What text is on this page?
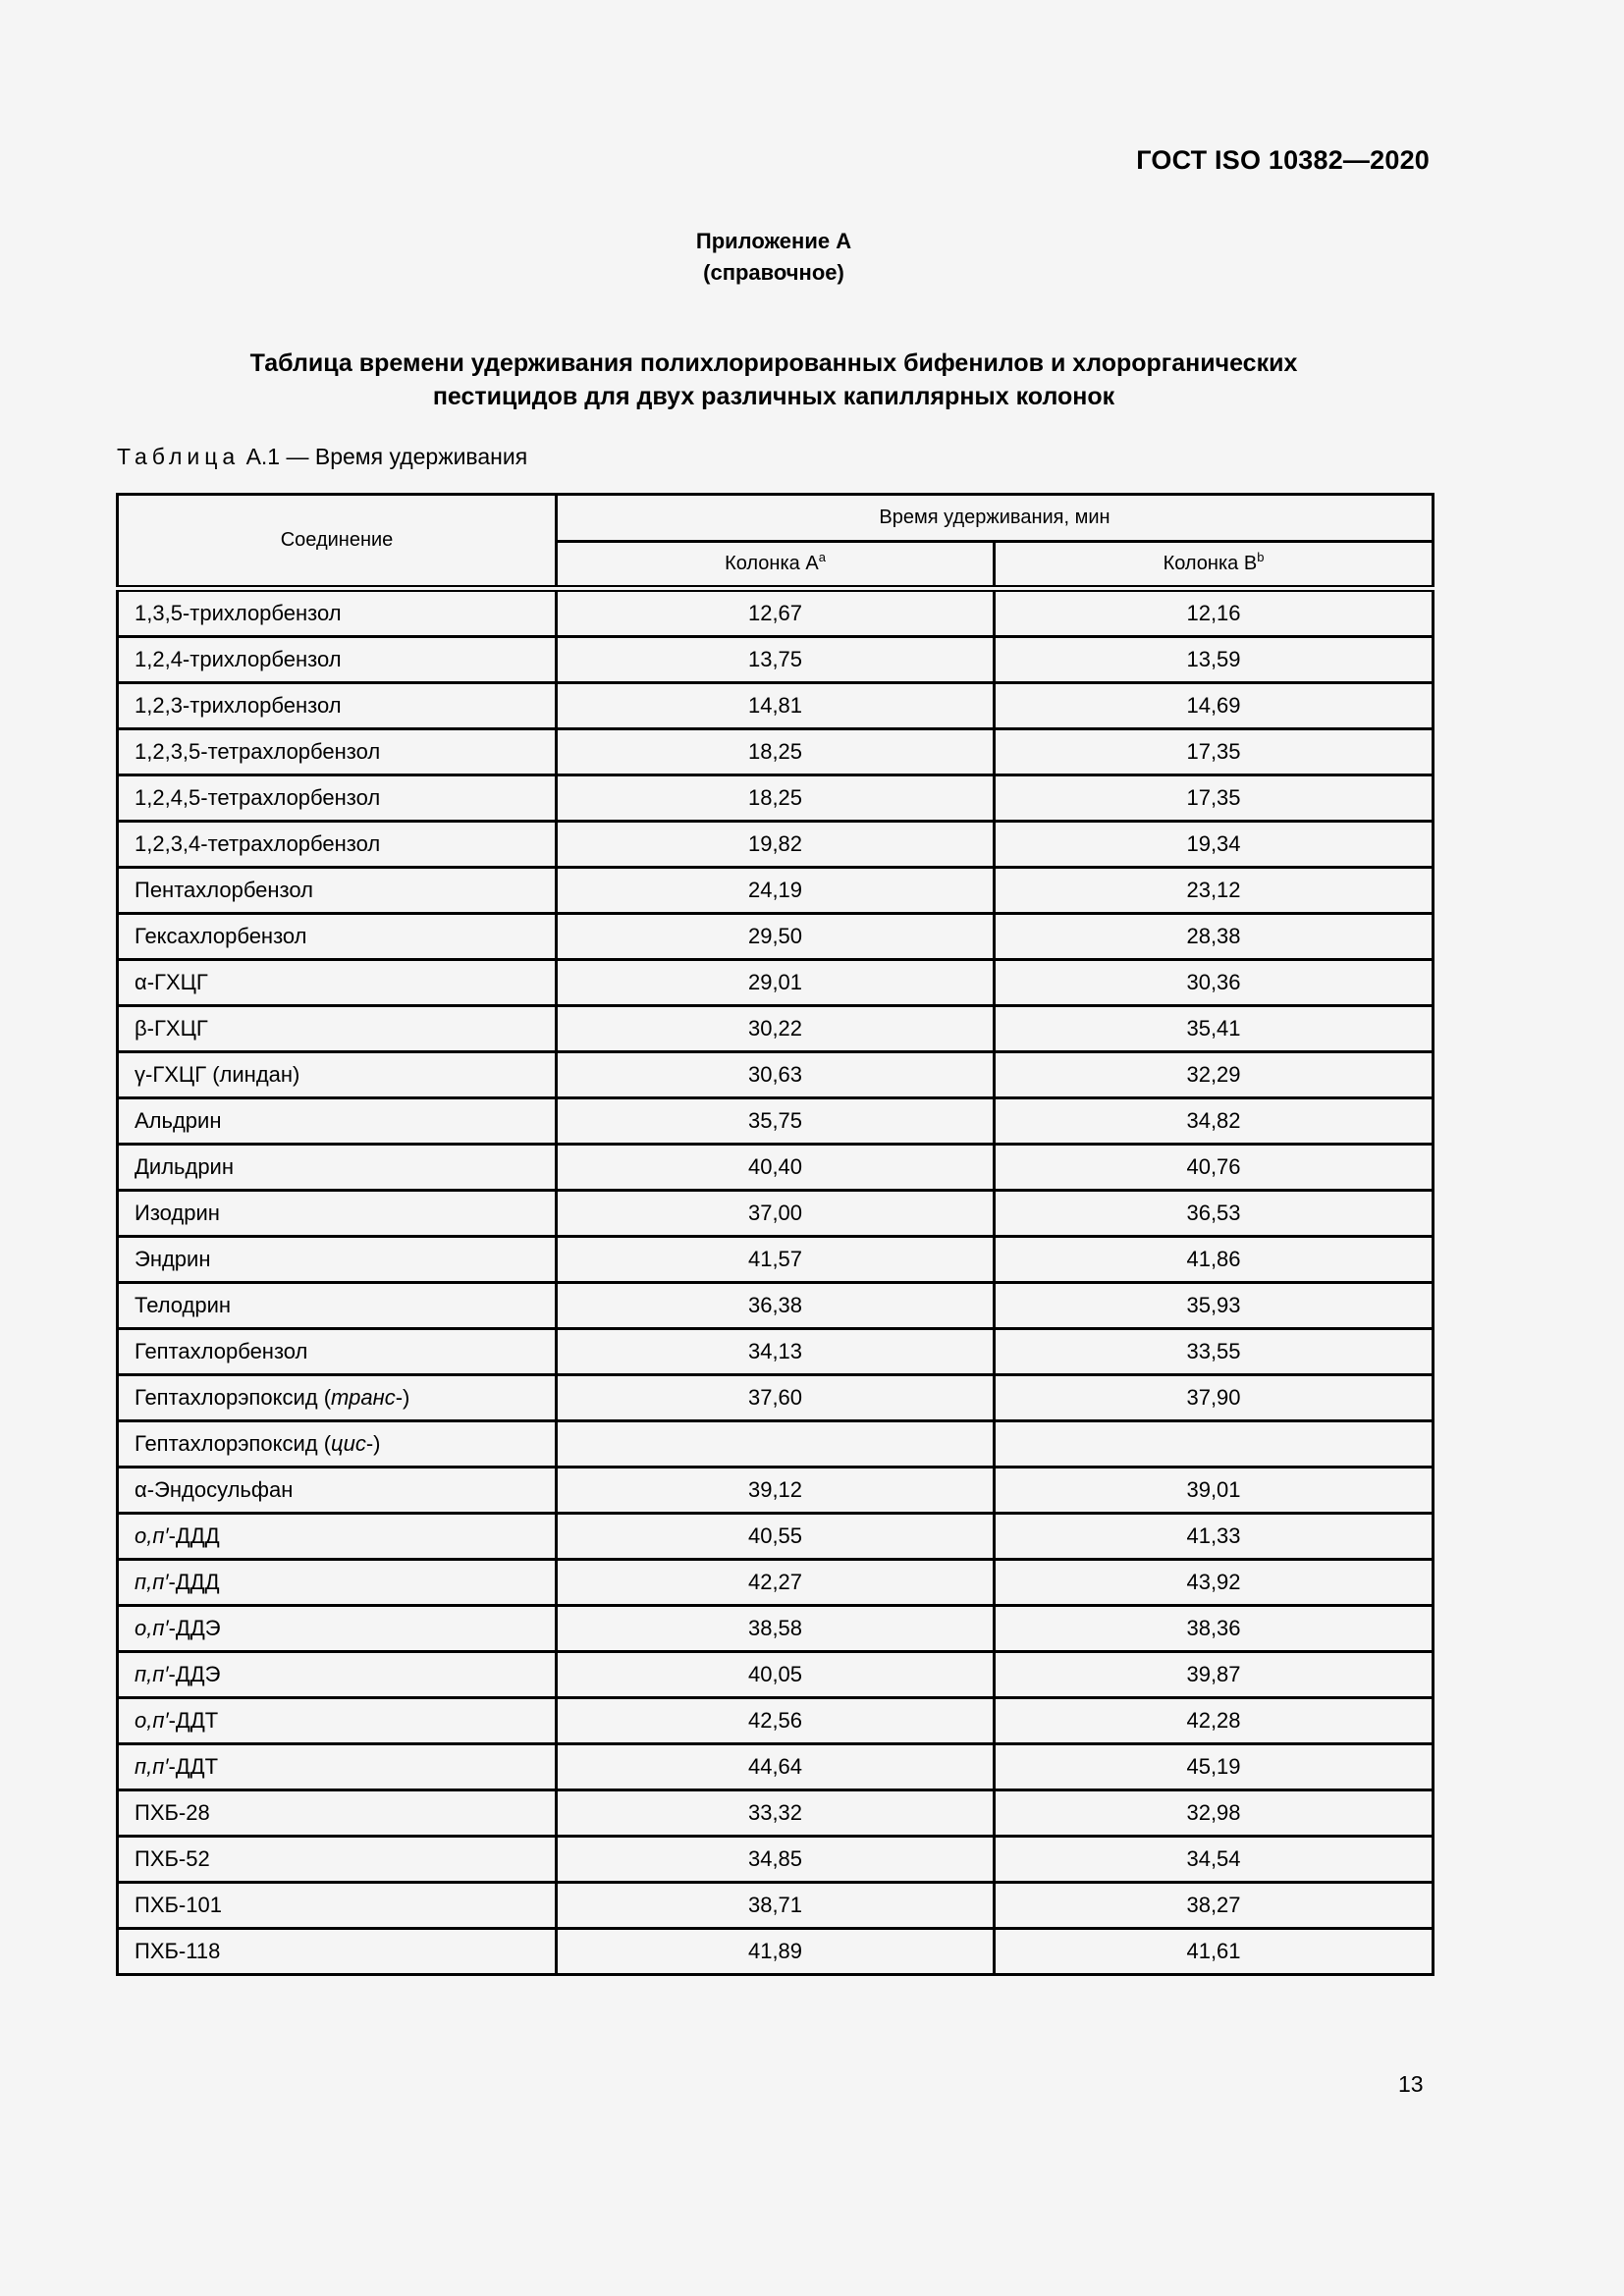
ГОСТ ISO 10382—2020
Приложение А
(справочное)
Таблица времени удерживания полихлорированных бифенилов и хлорорганических
пестицидов для двух различных капиллярных колонок
Таблица А.1 — Время удерживания
Соединение	Время удерживания, мин	
	Колонка $А^a$	Колонка $В^b$
1,3,5-трихлорбензол	12,67	12,16
1,2,4-трихлорбензол	13,75	13,59
1,2,3-трихлорбензол	14,81	14,69
1,2,3,5-тетрахлорбензол	18,25	17,35
1,2,4,5-тетрахлорбензол	18,25	17,35
1,2,3,4-тетрахлорбензол	19,82	19,34
Пентахлорбензол	24,19	23,12
Гексахлорбензол	29,50	28,38
α-ГХЦГ	29,01	30,36
β-ГХЦГ	30,22	35,41
γ-ГХЦГ (линдан)	30,63	32,29
Альдрин	35,75	34,82
Дильдрин	40,40	40,76
Изодрин	37,00	36,53
Эндрин	41,57	41,86
Телодрин	36,38	35,93
Гептахлорбензол	34,13	33,55
Гептахлорэпоксид (транс-)	37,60	37,90
Гептахлорэпоксид (цис-)		
α-Эндосульфан	39,12	39,01
о,п′-ДДД	40,55	41,33
п,п′-ДДД	42,27	43,92
о,п′-ДДЭ	38,58	38,36
п,п′-ДДЭ	40,05	39,87
о,п′-ДДТ	42,56	42,28
п,п′-ДДТ	44,64	45,19
ПХБ-28	33,32	32,98
ПХБ-52	34,85	34,54
ПХБ-101	38,71	38,27
ПХБ-118	41,89	41,61
13
